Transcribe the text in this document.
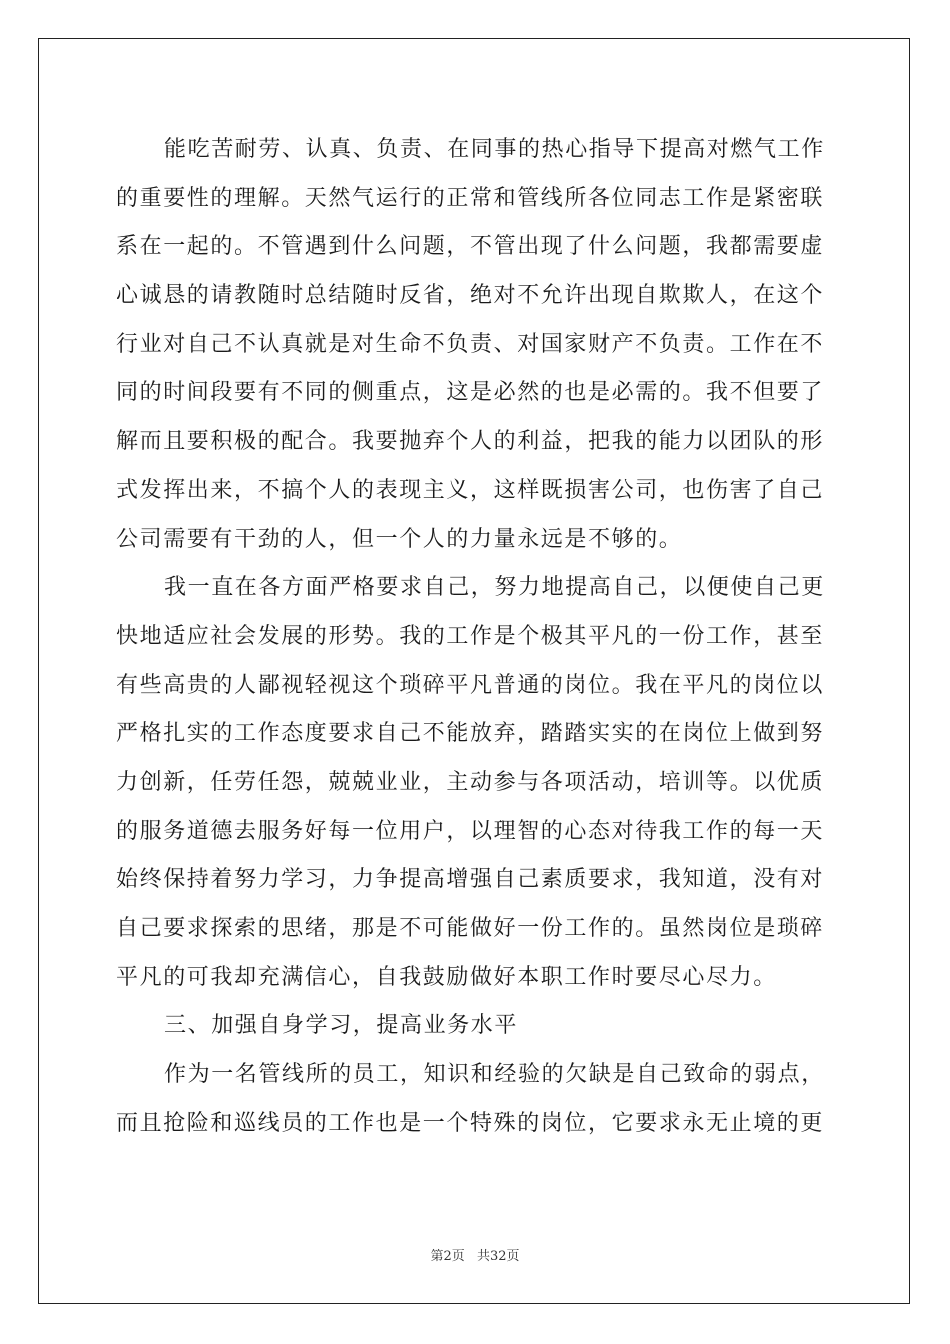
能吃苦耐劳、认真、负责、在同事的热心指导下提高对燃气工作
的重要性的理解。天然气运行的正常和管线所各位同志工作是紧密联
系在一起的。不管遇到什么问题，不管出现了什么问题，我都需要虚
心诚恳的请教随时总结随时反省，绝对不允许出现自欺欺人，在这个
行业对自己不认真就是对生命不负责、对国家财产不负责。工作在不
同的时间段要有不同的侧重点，这是必然的也是必需的。我不但要了
解而且要积极的配合。我要抛弃个人的利益，把我的能力以团队的形
式发挥出来，不搞个人的表现主义，这样既损害公司，也伤害了自己
公司需要有干劲的人，但一个人的力量永远是不够的。
我一直在各方面严格要求自己，努力地提高自己，以便使自己更
快地适应社会发展的形势。我的工作是个极其平凡的一份工作，甚至
有些高贵的人鄙视轻视这个琐碎平凡普通的岗位。我在平凡的岗位以
严格扎实的工作态度要求自己不能放弃，踏踏实实的在岗位上做到努
力创新，任劳任怨，兢兢业业，主动参与各项活动，培训等。以优质
的服务道德去服务好每一位用户，以理智的心态对待我工作的每一天
始终保持着努力学习，力争提高增强自己素质要求，我知道，没有对
自己要求探索的思绪，那是不可能做好一份工作的。虽然岗位是琐碎
平凡的可我却充满信心，自我鼓励做好本职工作时要尽心尽力。
三、加强自身学习，提高业务水平
作为一名管线所的员工，知识和经验的欠缺是自己致命的弱点，
而且抢险和巡线员的工作也是一个特殊的岗位，它要求永无止境的更
第2页 共32页
